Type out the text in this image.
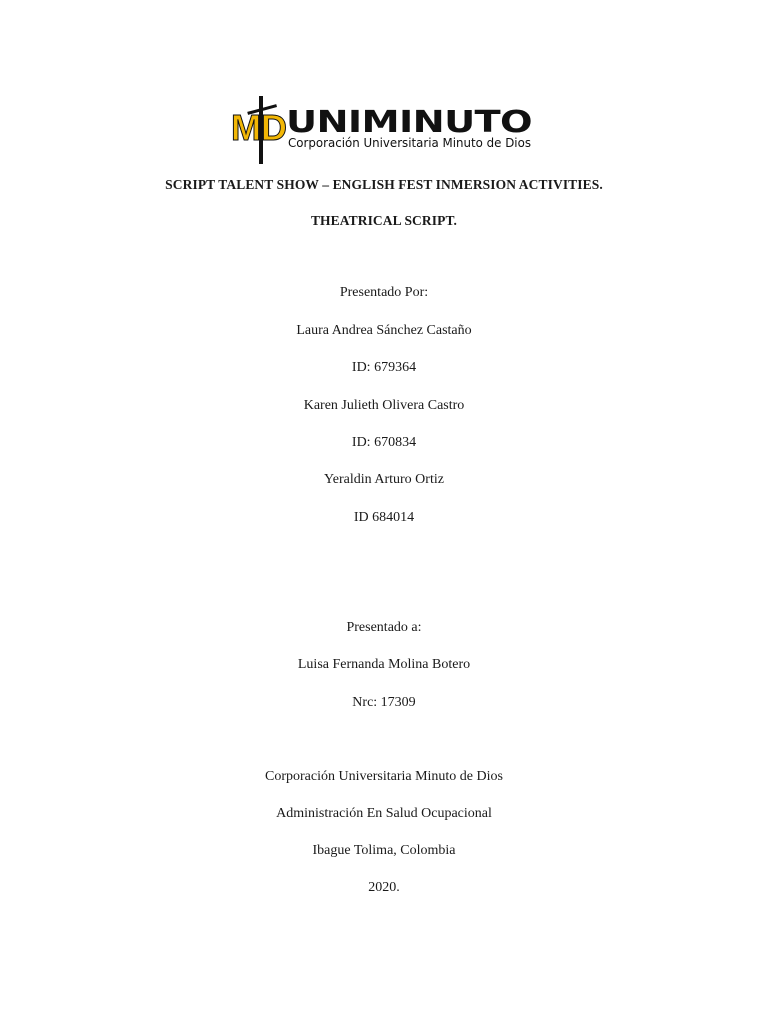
MD UNIMINUTO
Corporación Universitaria Minuto de Dios
SCRIPT TALENT SHOW – ENGLISH FEST INMERSION ACTIVITIES.
THEATRICAL SCRIPT.
Presentado Por:
Laura Andrea Sánchez Castaño
ID: 679364
Karen Julieth Olivera Castro
ID: 670834
Yeraldin Arturo Ortiz
ID 684014
Presentado a:
Luisa Fernanda Molina Botero
Nrc: 17309
Corporación Universitaria Minuto de Dios
Administración En Salud Ocupacional
Ibague Tolima, Colombia
2020.
